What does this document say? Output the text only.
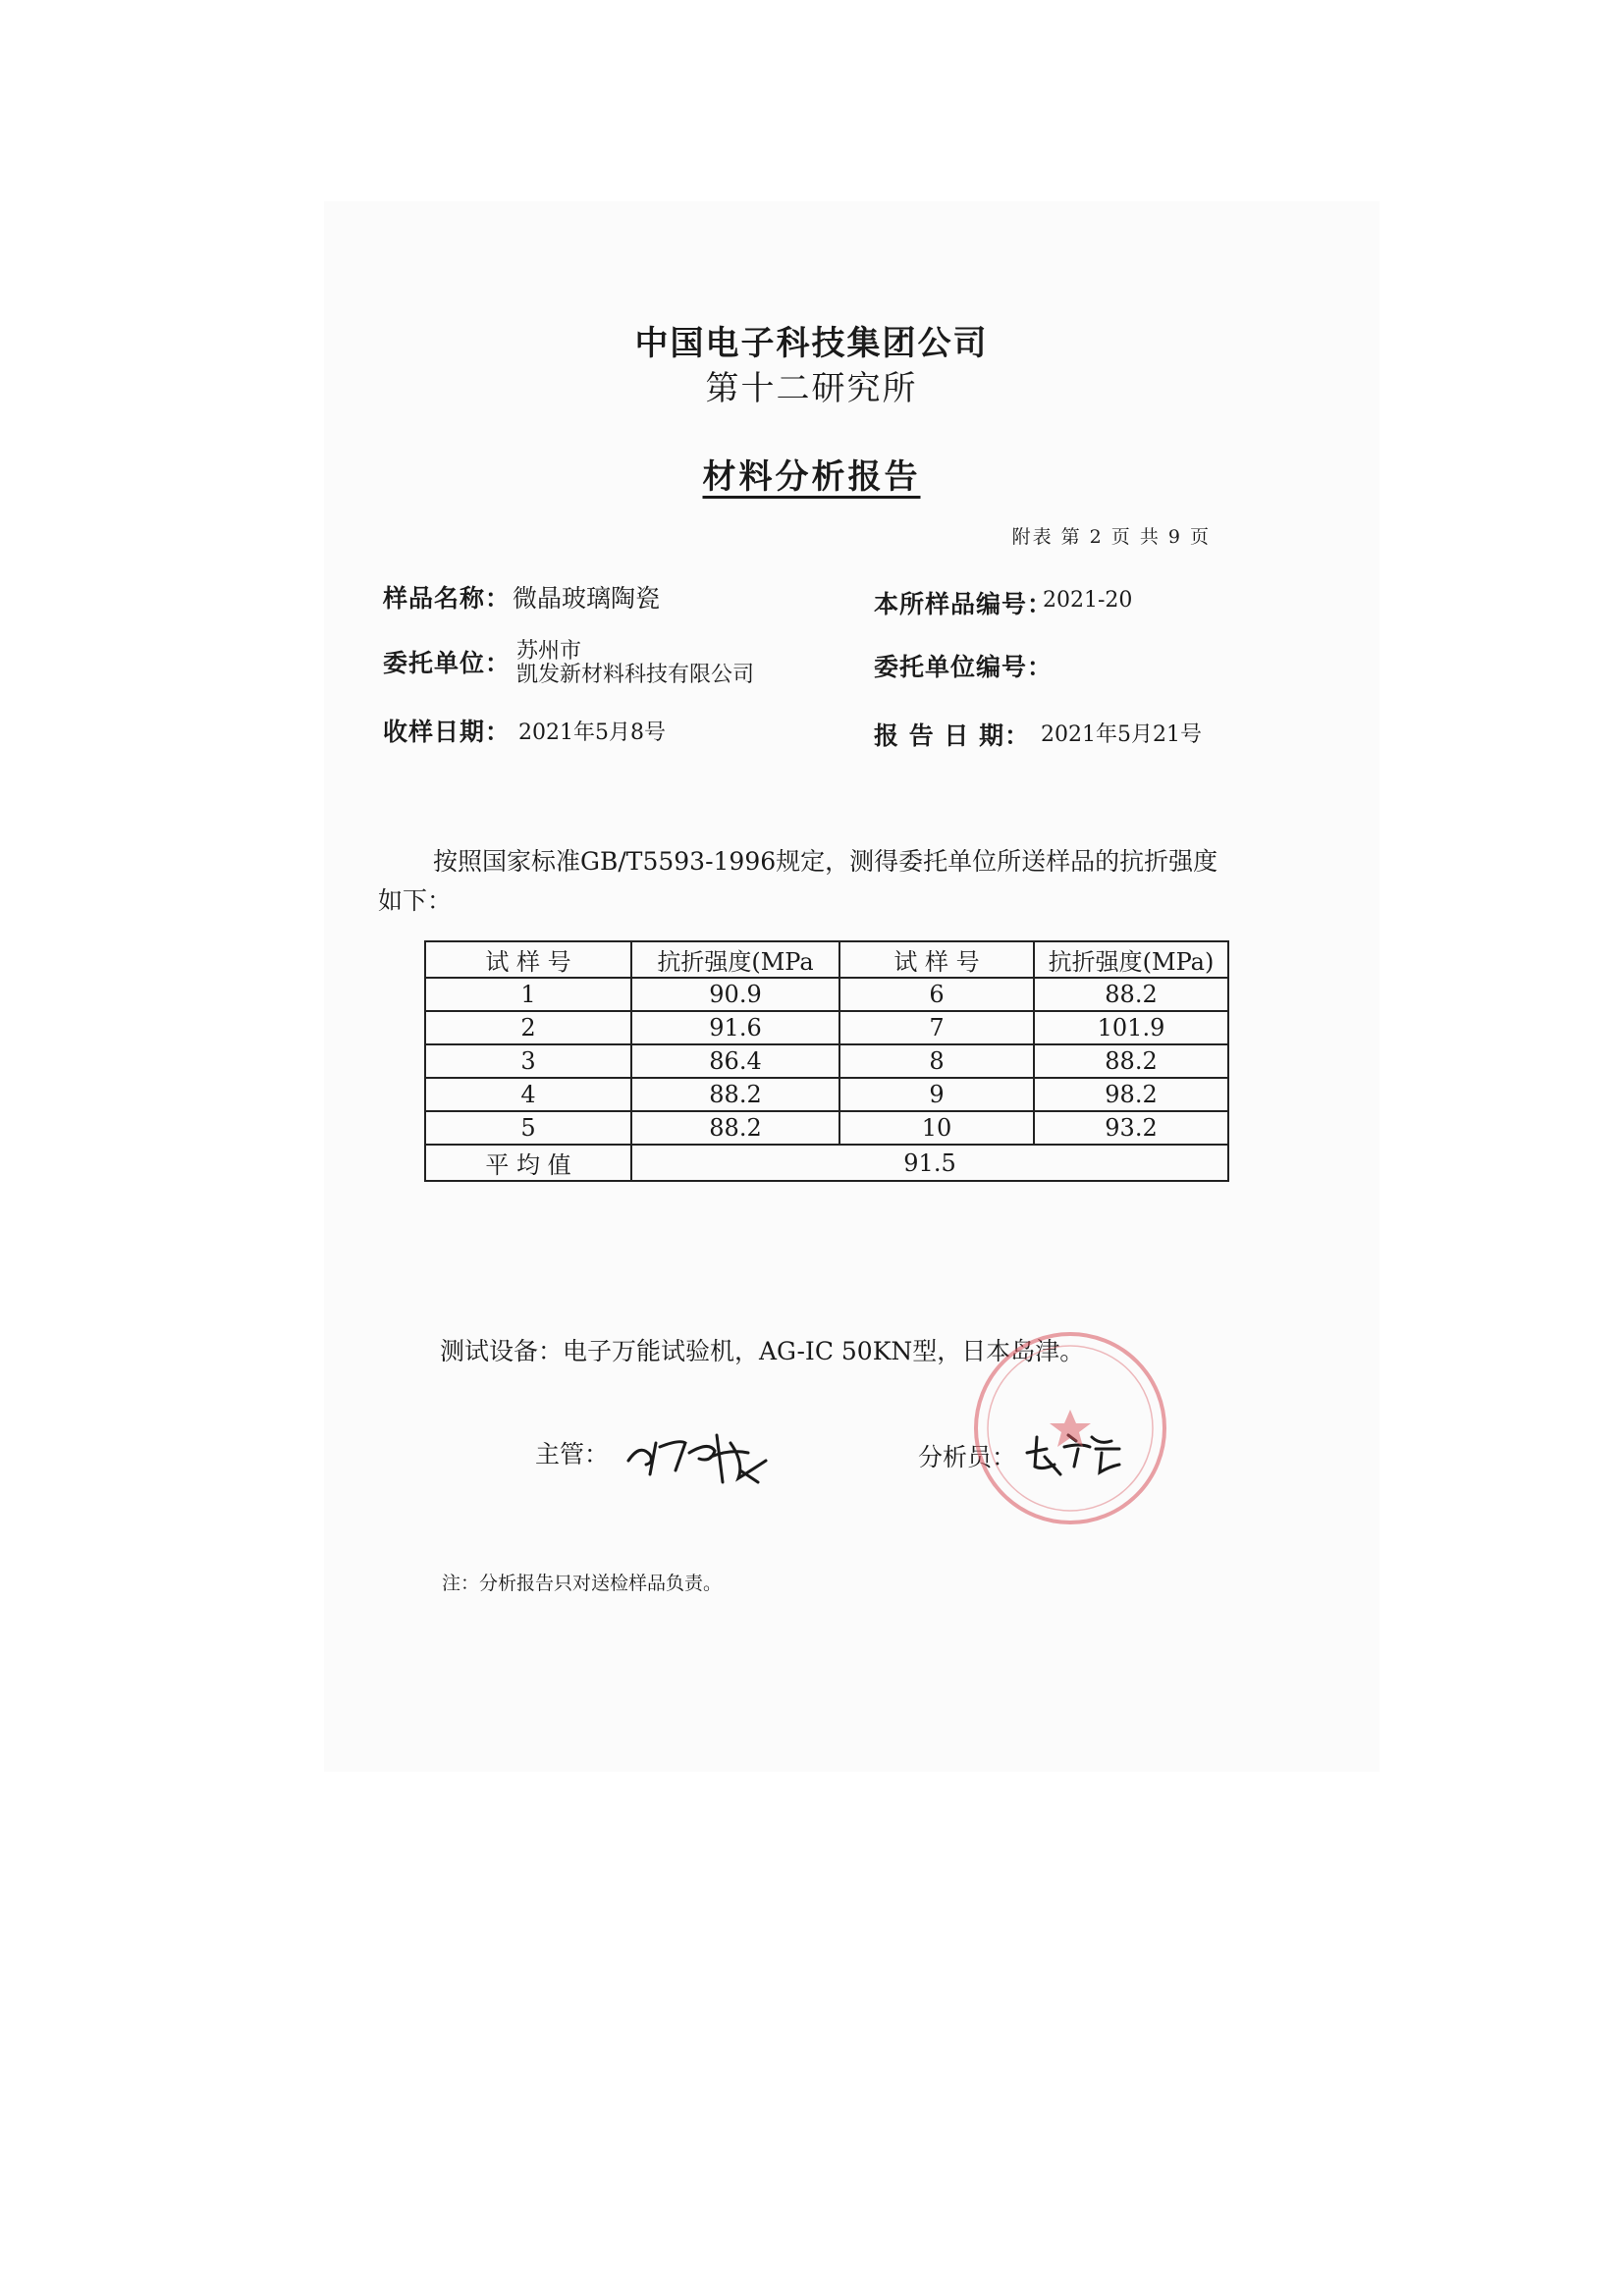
中国电子科技集团公司
第十二研究所
材料分析报告
附表 第 2 页 共 9 页
样品名称： 微晶玻璃陶瓷	本所样品编号：
2021-20
委托单位： 苏州市
凯发新材料科技有限公司	委托单位编号：
收样日期： 2021年5月8号	报 告 日 期： 2021年5月21号
按照国家标准GB/T5593-1996规定，测得委托单位所送样品的抗折强度如下：
试 样 号	抗折强度(MPa	试 样 号	抗折强度(MPa)
1	90.9	6	88.2
2	91.6	7	101.9
3	86.4	8	88.2
4	88.2	9	98.2
5	88.2	10	93.2
平 均 值	91.5		
测试设备：电子万能试验机，AG-IC 50KN型，日本岛津。
主管：	分析员：
注：分析报告只对送检样品负责。
